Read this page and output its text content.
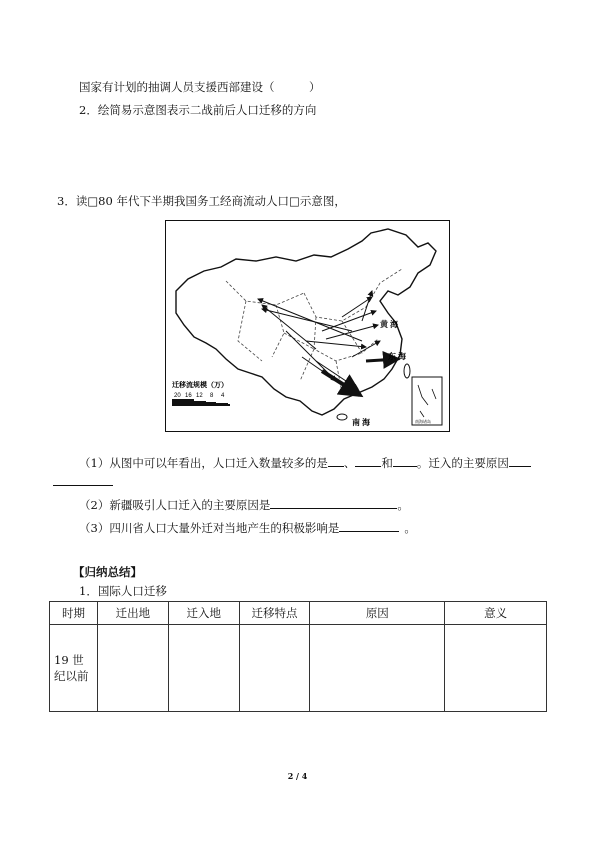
国家有计划的抽调人员支援西部建设（　　　）
2．绘简易示意图表示二战前后人口迁移的方向
3．读□80 年代下半期我国务工经商流动人口□示意图，
黄 海
东 海
南 海	南海诸岛
迁移流规模（万）
20 16 12 8 4
（1）从图中可以年看出，人口迁入数量较多的是 、 和 。迁入的主要原因
（2）新疆吸引人口迁入的主要原因是	。
（3）四川省人口大量外迁对当地产生的积极影响是	。
【归纳总结】
1．国际人口迁移
时期	迁出地	迁入地	迁移特点	原因	意义
19 世纪以前					
2 / 4
